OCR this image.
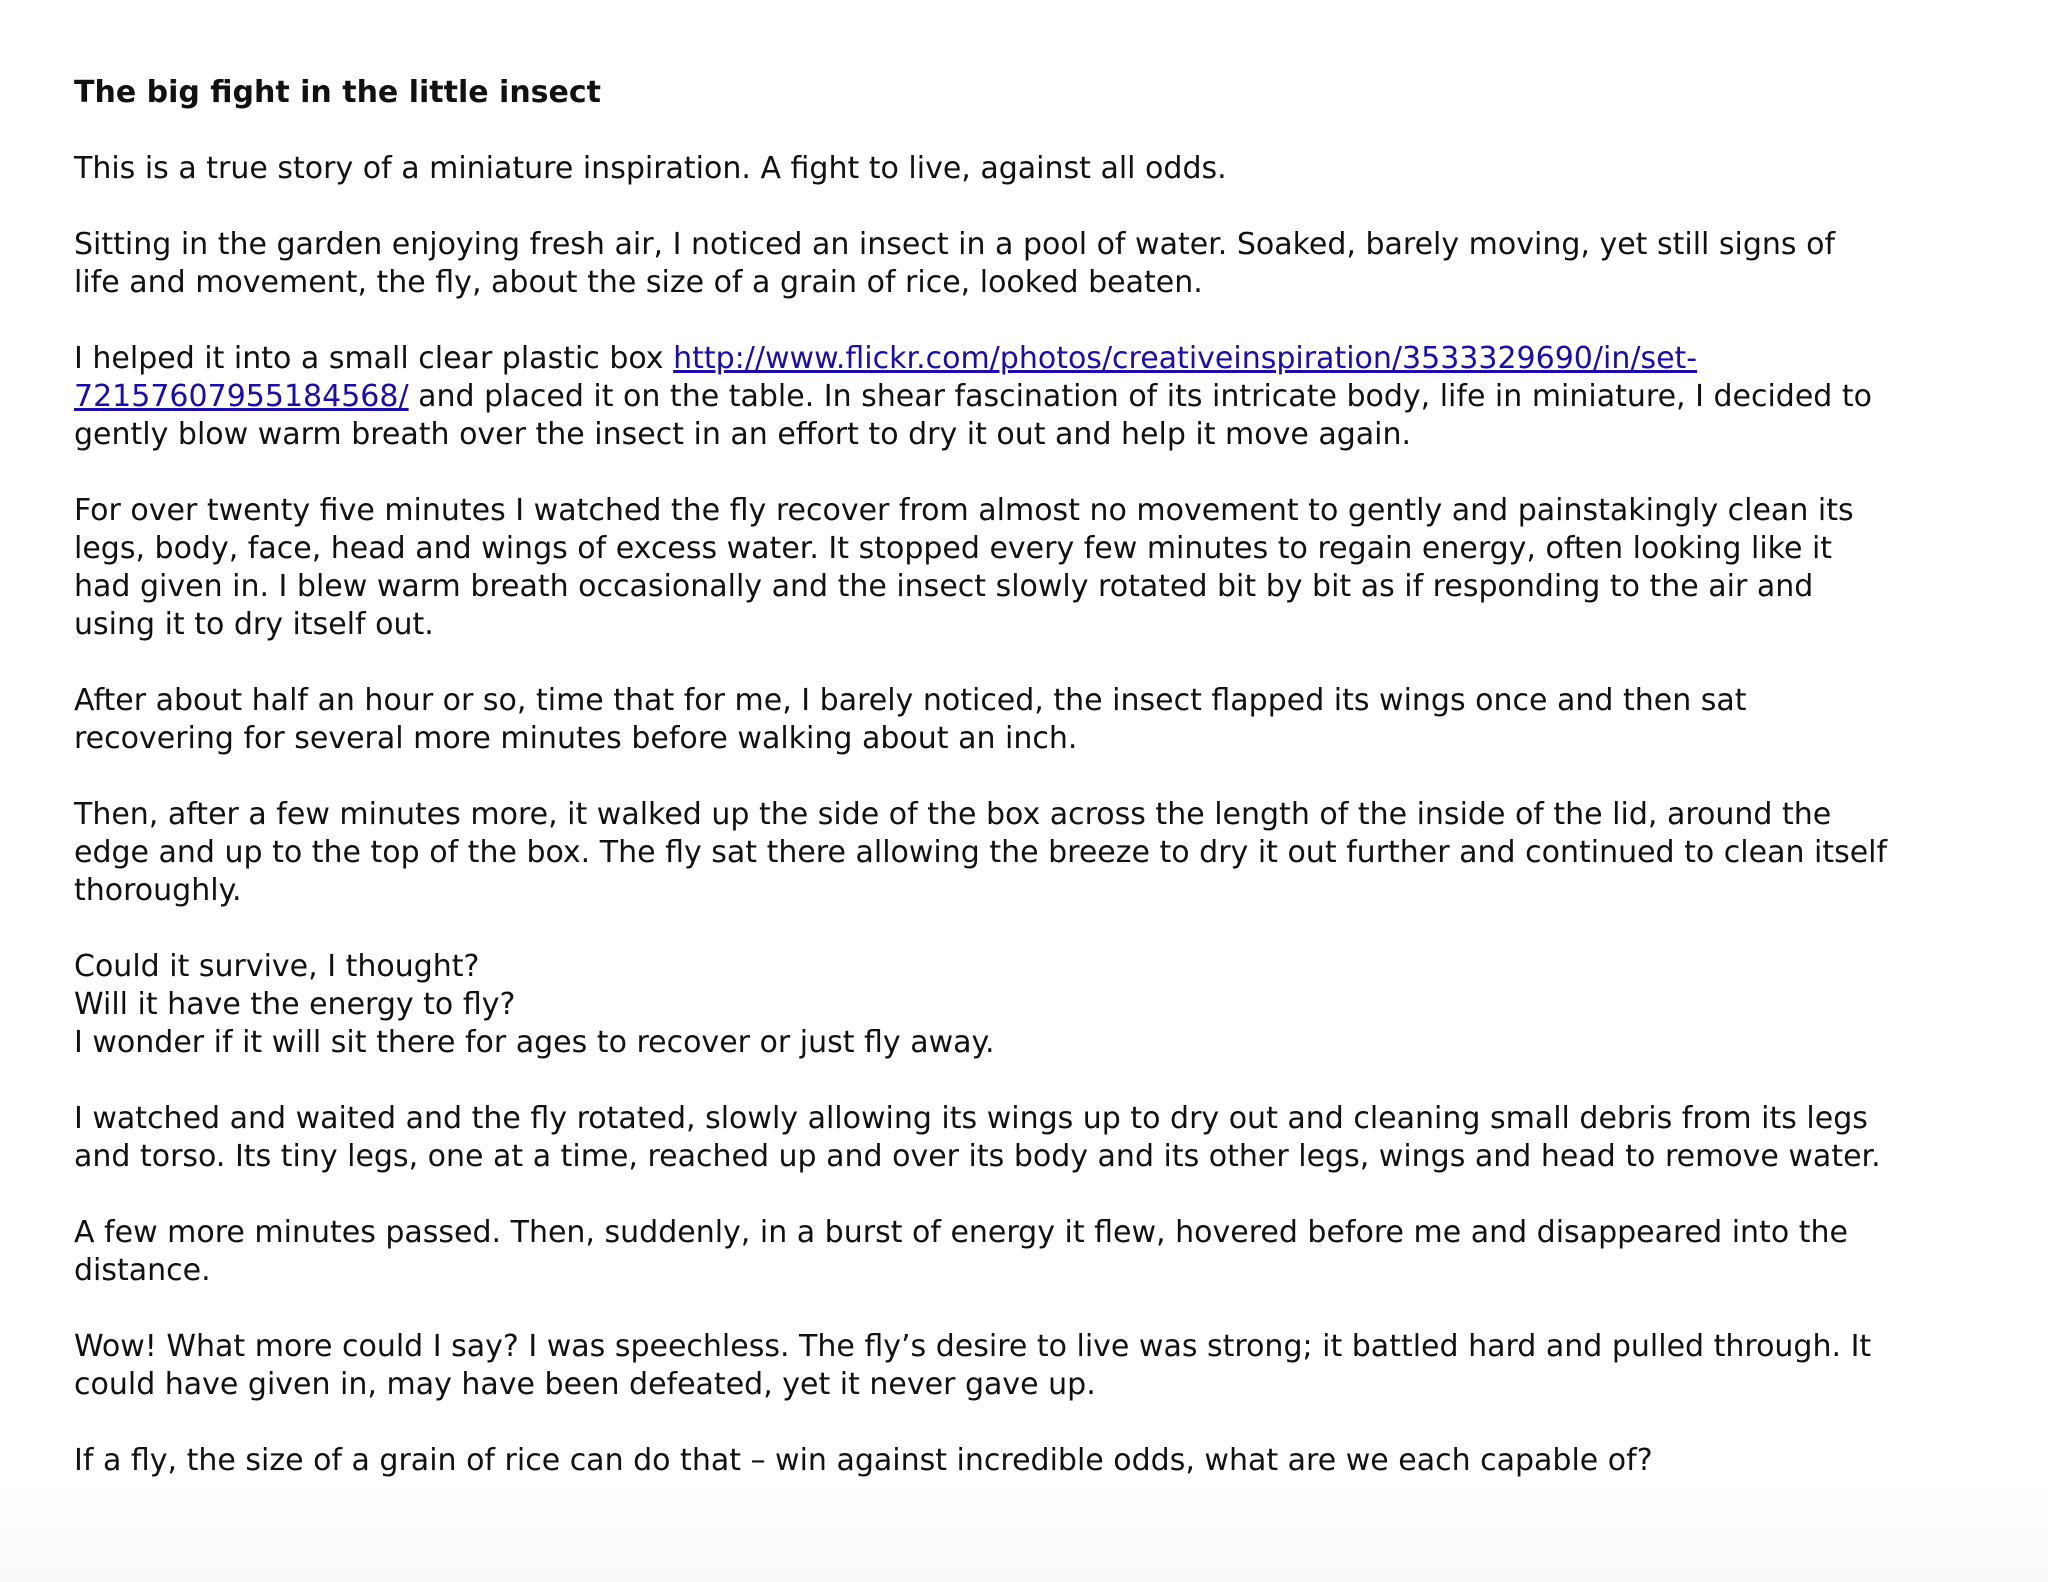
The big fight in the little insect
This is a true story of a miniature inspiration. A fight to live, against all odds.
Sitting in the garden enjoying fresh air, I noticed an insect in a pool of water. Soaked, barely moving, yet still signs of
life and movement, the fly, about the size of a grain of rice, looked beaten.
I helped it into a small clear plastic box http://www.flickr.com/photos/creativeinspiration/3533329690/in/set-
72157607955184568/ and placed it on the table. In shear fascination of its intricate body, life in miniature, I decided to
gently blow warm breath over the insect in an effort to dry it out and help it move again.
For over twenty five minutes I watched the fly recover from almost no movement to gently and painstakingly clean its
legs, body, face, head and wings of excess water. It stopped every few minutes to regain energy, often looking like it
had given in. I blew warm breath occasionally and the insect slowly rotated bit by bit as if responding to the air and
using it to dry itself out.
After about half an hour or so, time that for me, I barely noticed, the insect flapped its wings once and then sat
recovering for several more minutes before walking about an inch.
Then, after a few minutes more, it walked up the side of the box across the length of the inside of the lid, around the
edge and up to the top of the box. The fly sat there allowing the breeze to dry it out further and continued to clean itself
thoroughly.
Could it survive, I thought?
Will it have the energy to fly?
I wonder if it will sit there for ages to recover or just fly away.
I watched and waited and the fly rotated, slowly allowing its wings up to dry out and cleaning small debris from its legs
and torso. Its tiny legs, one at a time, reached up and over its body and its other legs, wings and head to remove water.
A few more minutes passed. Then, suddenly, in a burst of energy it flew, hovered before me and disappeared into the
distance.
Wow! What more could I say? I was speechless. The fly’s desire to live was strong; it battled hard and pulled through. It
could have given in, may have been defeated, yet it never gave up.
If a fly, the size of a grain of rice can do that – win against incredible odds, what are we each capable of?
